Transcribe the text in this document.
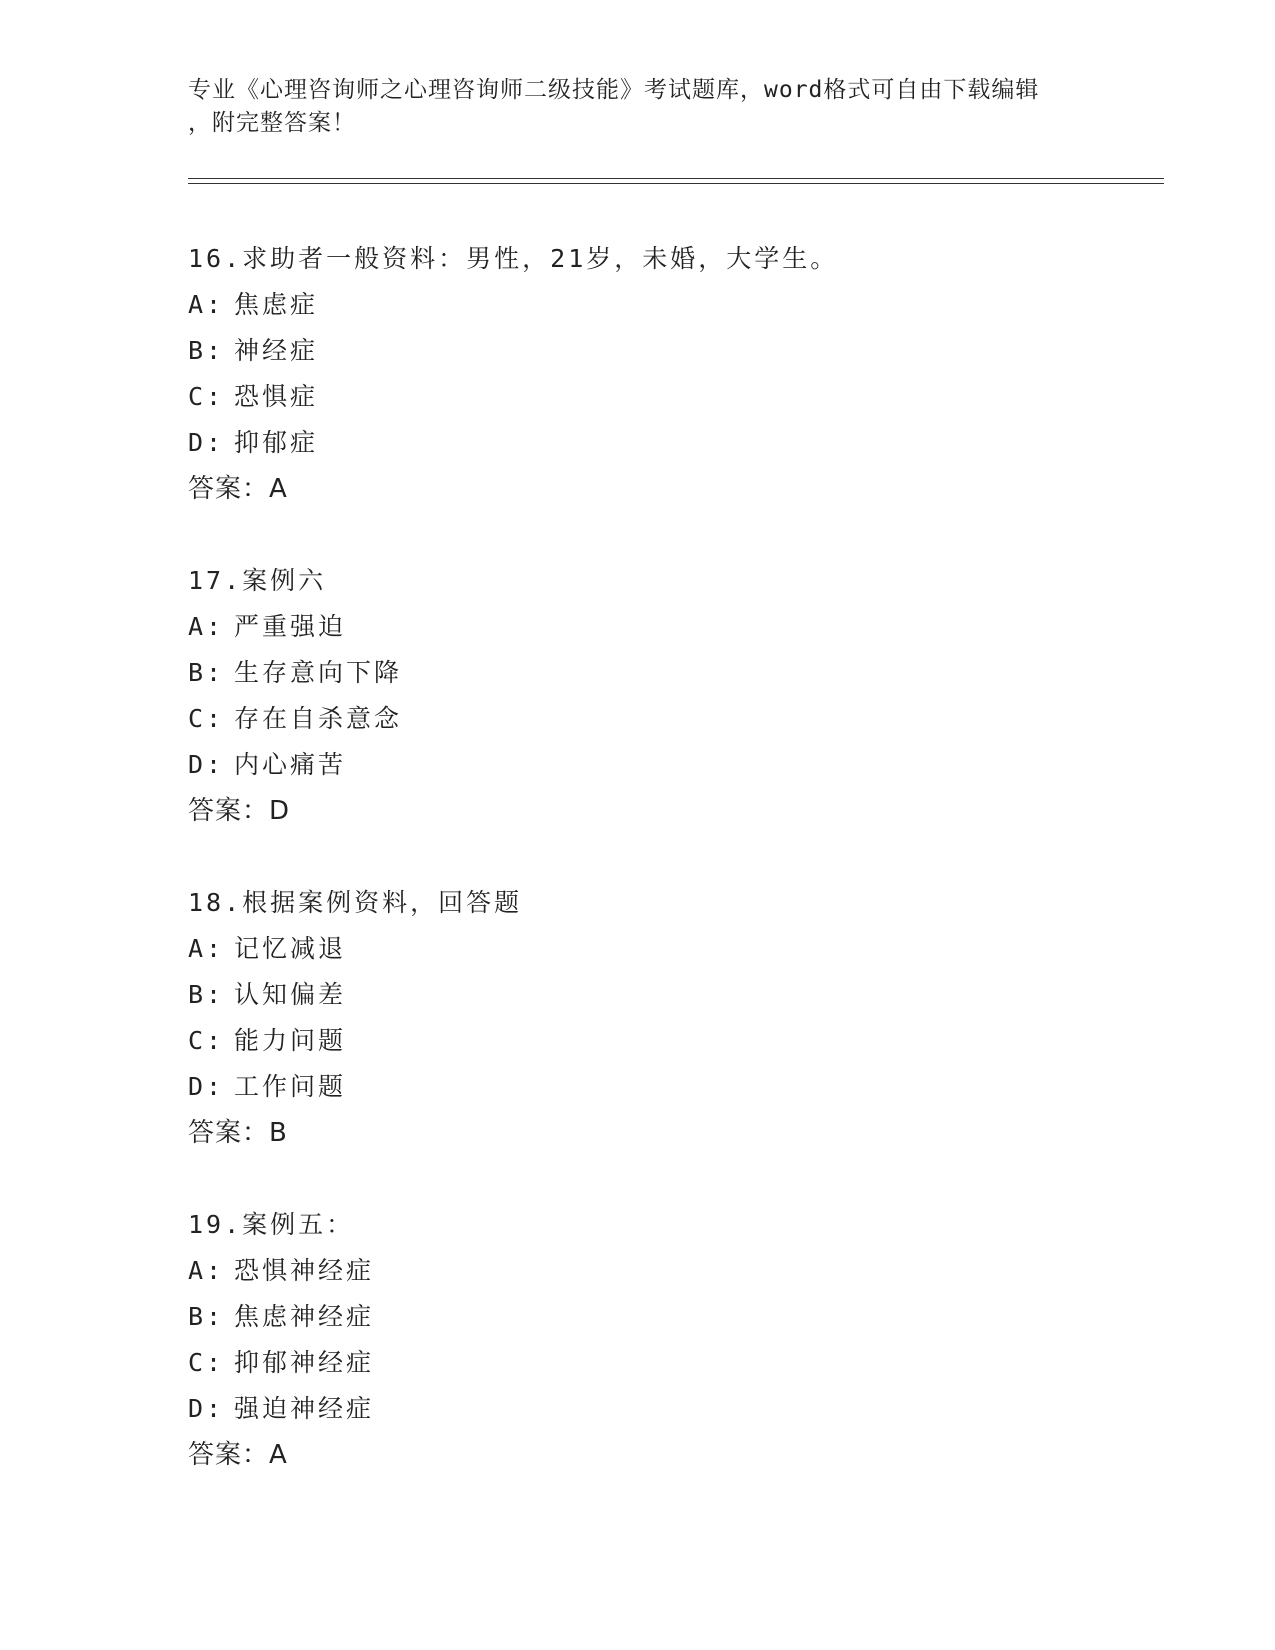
专业《心理咨询师之心理咨询师二级技能》考试题库，word格式可自由下载编辑
，附完整答案！
16.求助者一般资料：男性，21岁，未婚，大学生。
A: 焦虑症
B: 神经症
C: 恐惧症
D: 抑郁症
答案：A
17.案例六
A: 严重强迫
B: 生存意向下降
C: 存在自杀意念
D: 内心痛苦
答案：D
18.根据案例资料，回答题
A: 记忆减退
B: 认知偏差
C: 能力问题
D: 工作问题
答案：B
19.案例五：
A: 恐惧神经症
B: 焦虑神经症
C: 抑郁神经症
D: 强迫神经症
答案：A
